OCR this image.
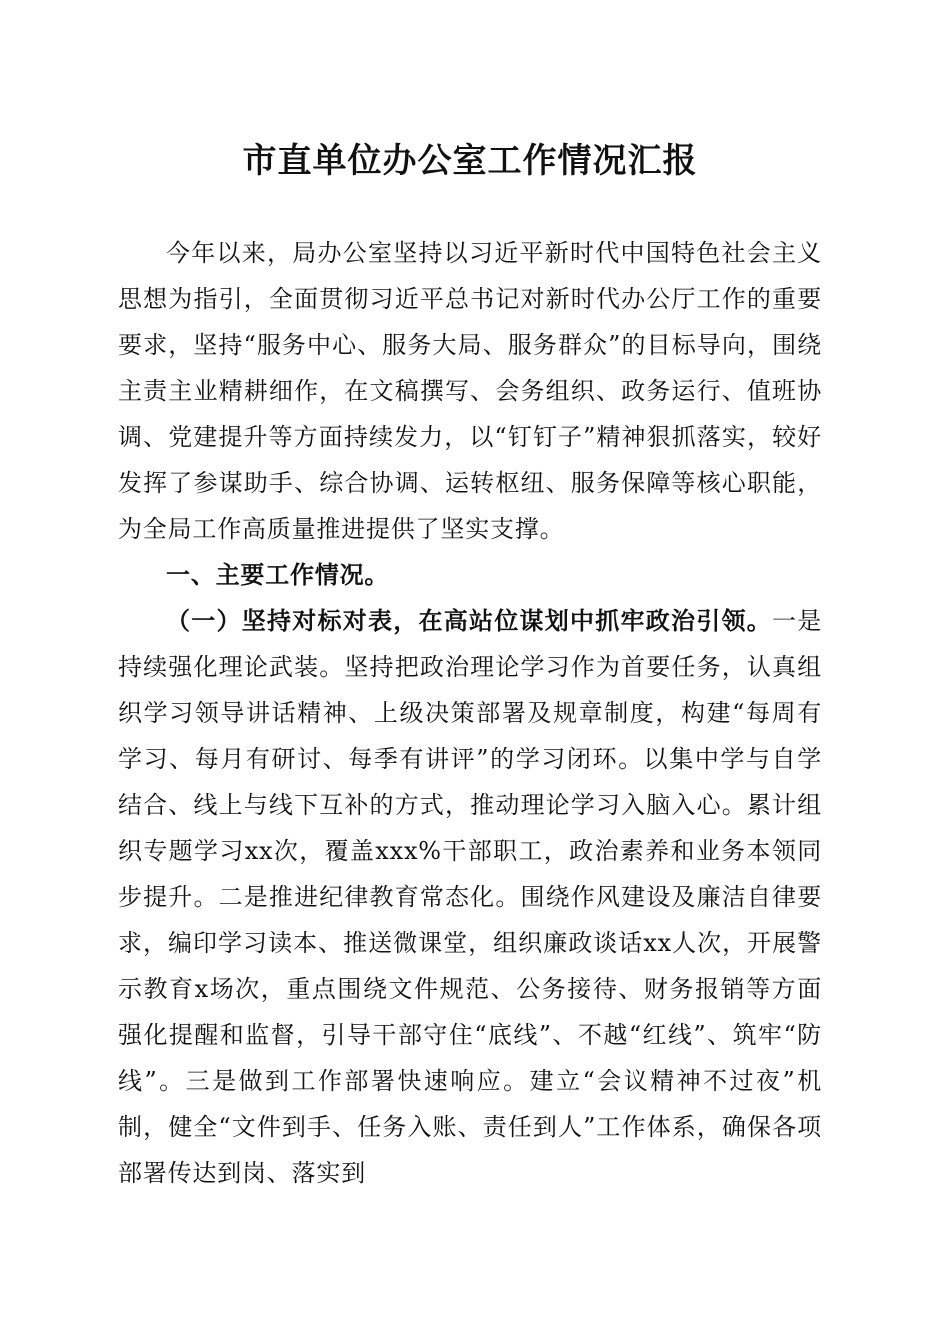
市直单位办公室工作情况汇报

今年以来，局办公室坚持以习近平新时代中国特色社会主义思想为指引，全面贯彻习近平总书记对新时代办公厅工作的重要要求，坚持“服务中心、服务大局、服务群众”的目标导向，围绕主责主业精耕细作，在文稿撰写、会务组织、政务运行、值班协调、党建提升等方面持续发力，以“钉钉子”精神狠抓落实，较好发挥了参谋助手、综合协调、运转枢纽、服务保障等核心职能，为全局工作高质量推进提供了坚实支撑。

一、主要工作情况。

（一）坚持对标对表，在高站位谋划中抓牢政治引领。一是持续强化理论武装。坚持把政治理论学习作为首要任务，认真组织学习领导讲话精神、上级决策部署及规章制度，构建“每周有学习、每月有研讨、每季有讲评”的学习闭环。以集中学与自学结合、线上与线下互补的方式，推动理论学习入脑入心。累计组织专题学习xx次，覆盖xxx%干部职工，政治素养和业务本领同步提升。二是推进纪律教育常态化。围绕作风建设及廉洁自律要求，编印学习读本、推送微课堂，组织廉政谈话xx人次，开展警示教育x场次，重点围绕文件规范、公务接待、财务报销等方面强化提醒和监督，引导干部守住“底线”、不越“红线”、筑牢“防线”。三是做到工作部署快速响应。建立“会议精神不过夜”机制，健全“文件到手、任务入账、责任到人”工作体系，确保各项部署传达到岗、落实到
